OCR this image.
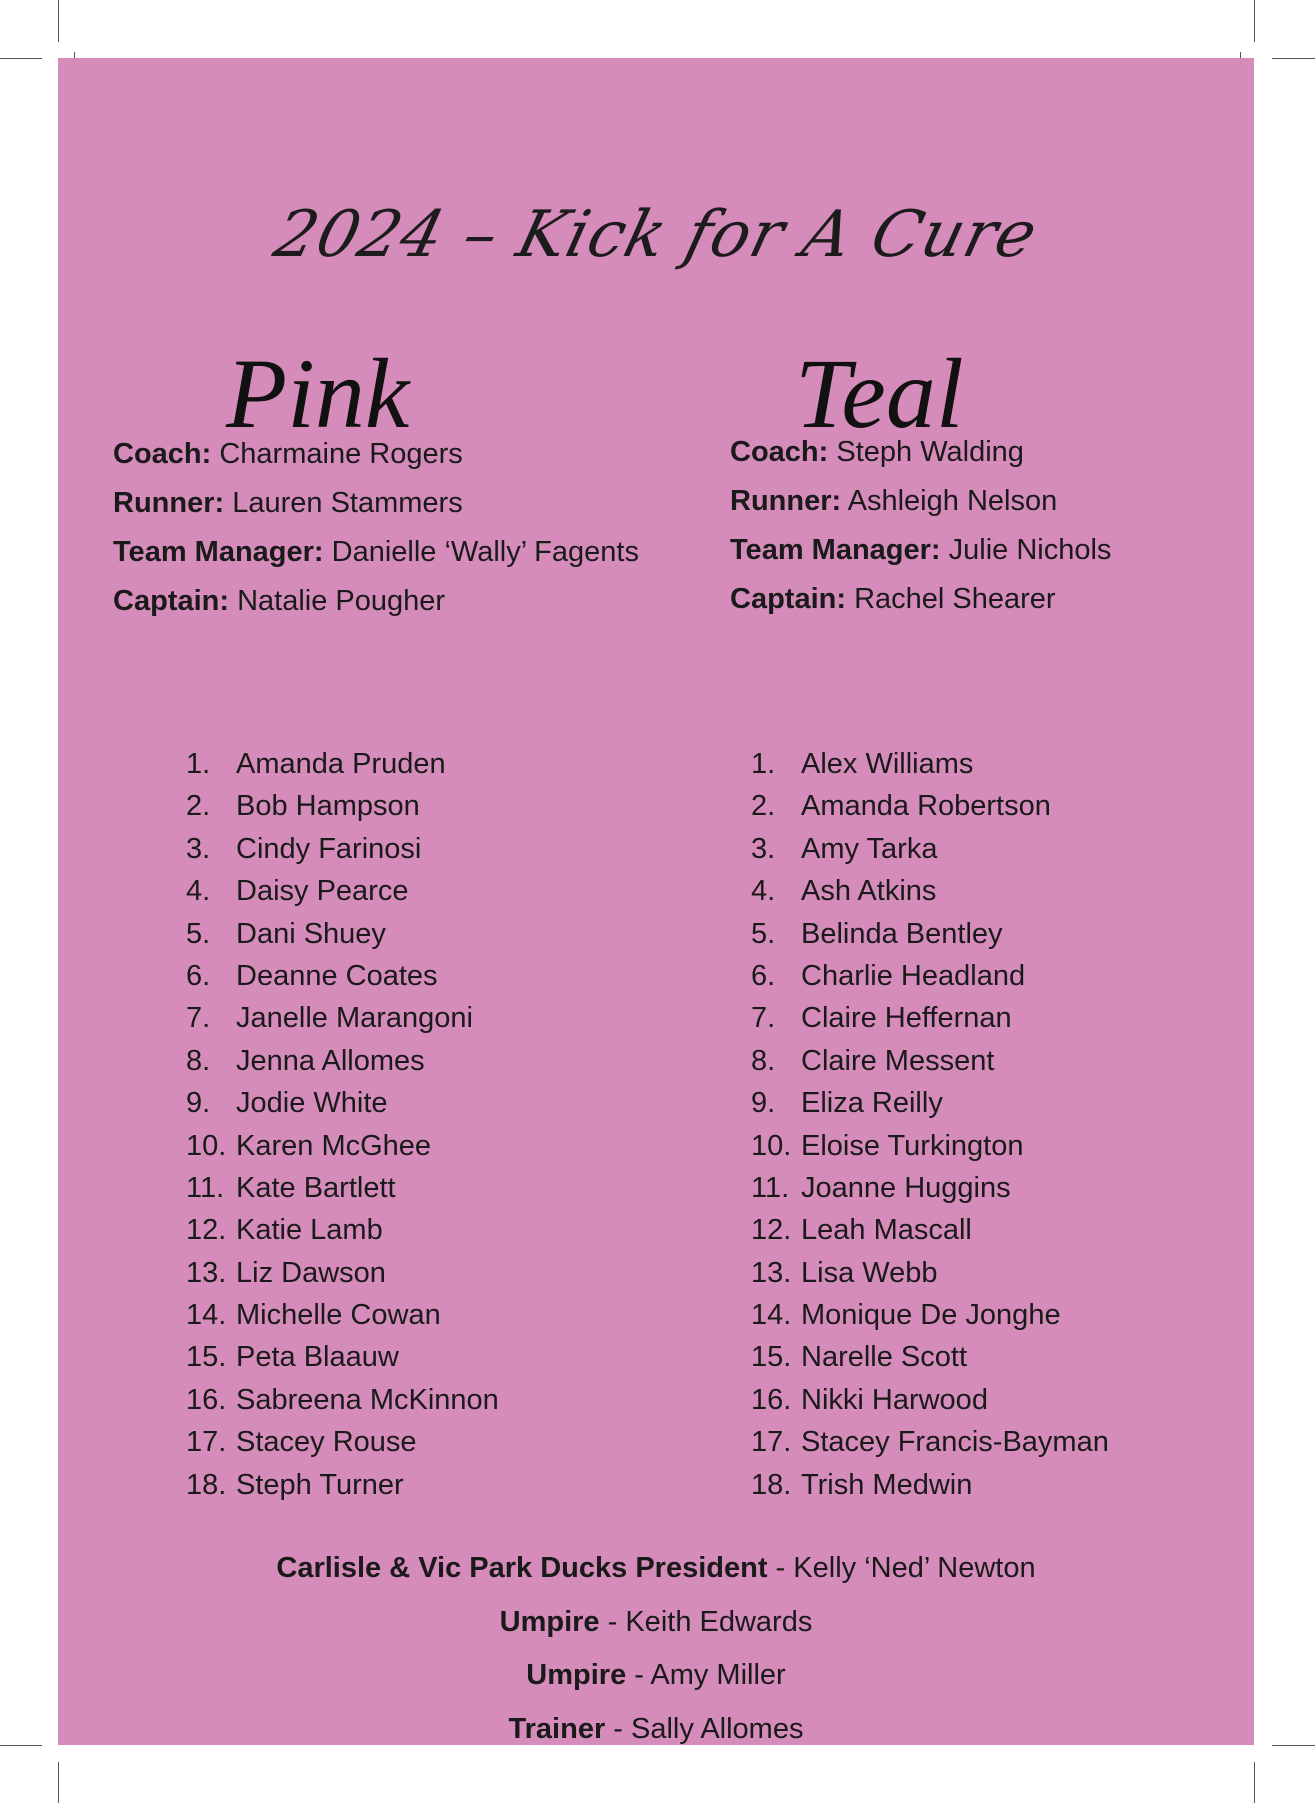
2024 – Kick for A Cure
Pink	Teal
Coach: Charmaine Rogers
Runner: Lauren Stammers
Team Manager: Danielle ‘Wally’ Fagents
Captain: Natalie Pougher
Coach: Steph Walding
Runner: Ashleigh Nelson
Team Manager: Julie Nichols
Captain: Rachel Shearer
1. Amanda Pruden
2. Bob Hampson
3. Cindy Farinosi
4. Daisy Pearce
5. Dani Shuey
6. Deanne Coates
7. Janelle Marangoni
8. Jenna Allomes
9. Jodie White
10. Karen McGhee
11. Kate Bartlett
12. Katie Lamb
13. Liz Dawson
14. Michelle Cowan
15. Peta Blaauw
16. Sabreena McKinnon
17. Stacey Rouse
18. Steph Turner
1. Alex Williams
2. Amanda Robertson
3. Amy Tarka
4. Ash Atkins
5. Belinda Bentley
6. Charlie Headland
7. Claire Heffernan
8. Claire Messent
9. Eliza Reilly
10. Eloise Turkington
11. Joanne Huggins
12. Leah Mascall
13. Lisa Webb
14. Monique De Jonghe
15. Narelle Scott
16. Nikki Harwood
17. Stacey Francis-Bayman
18. Trish Medwin
Carlisle & Vic Park Ducks President - Kelly ‘Ned’ Newton
Umpire - Keith Edwards
Umpire - Amy Miller
Trainer - Sally Allomes
